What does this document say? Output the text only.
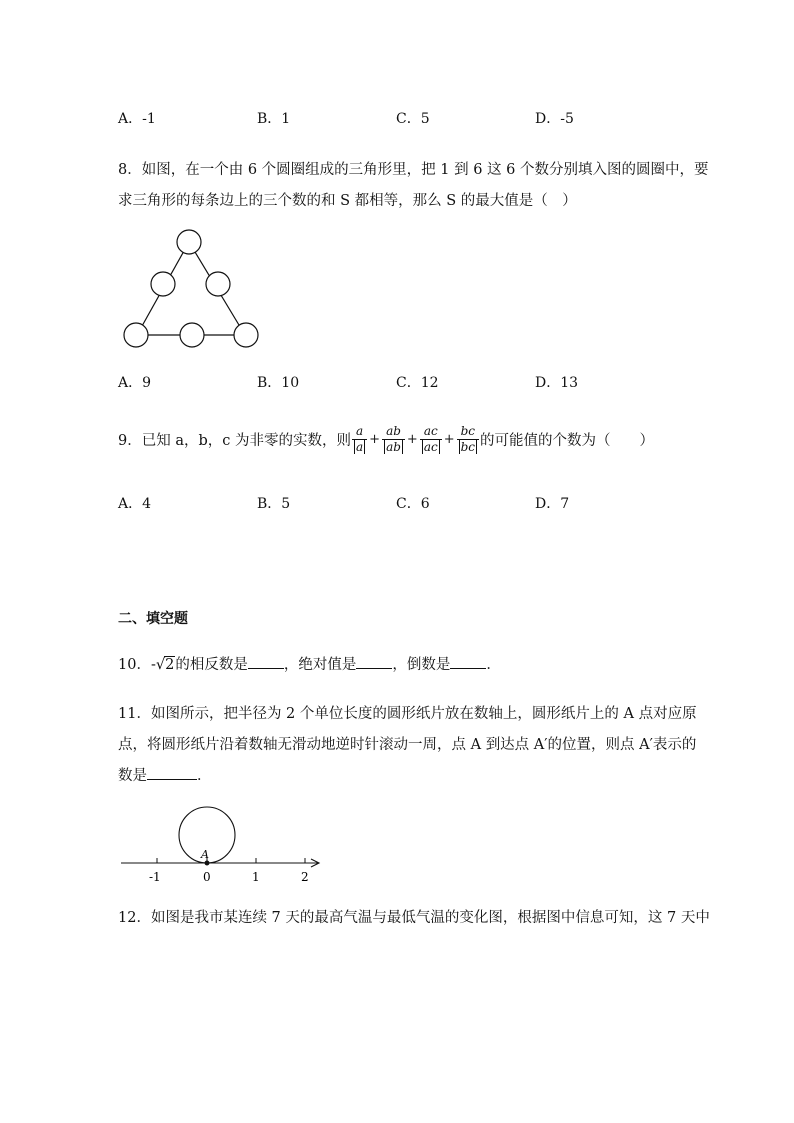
A．-1	B．1	C．5	D．-5
8．如图，在一个由 6 个圆圈组成的三角形里，把 1 到 6 这 6 个数分别填入图的圆圈中，要
求三角形的每条边上的三个数的和 S 都相等，那么 S 的最大值是（　）
A．9	B．10	C．12	D．13
9．已知 a，b，c 为非零的实数，则 $\frac{a}{a} + \frac{ab}{ab} + \frac{ac}{ac} + \frac{bc}{bc}$ 的可能值的个数为（　　）
A．4	B．5	C．6	D．7
二、填空题
10．-√2的相反数是 ，绝对值是 ，倒数是 ．
11．如图所示，把半径为 2 个单位长度的圆形纸片放在数轴上，圆形纸片上的 A 点对应原
点，将圆形纸片沿着数轴无滑动地逆时针滚动一周，点 A 到达点 A′的位置，则点 A′表示的
数是	．
A
-1	0	1	2
12．如图是我市某连续 7 天的最高气温与最低气温的变化图，根据图中信息可知，这 7 天中
